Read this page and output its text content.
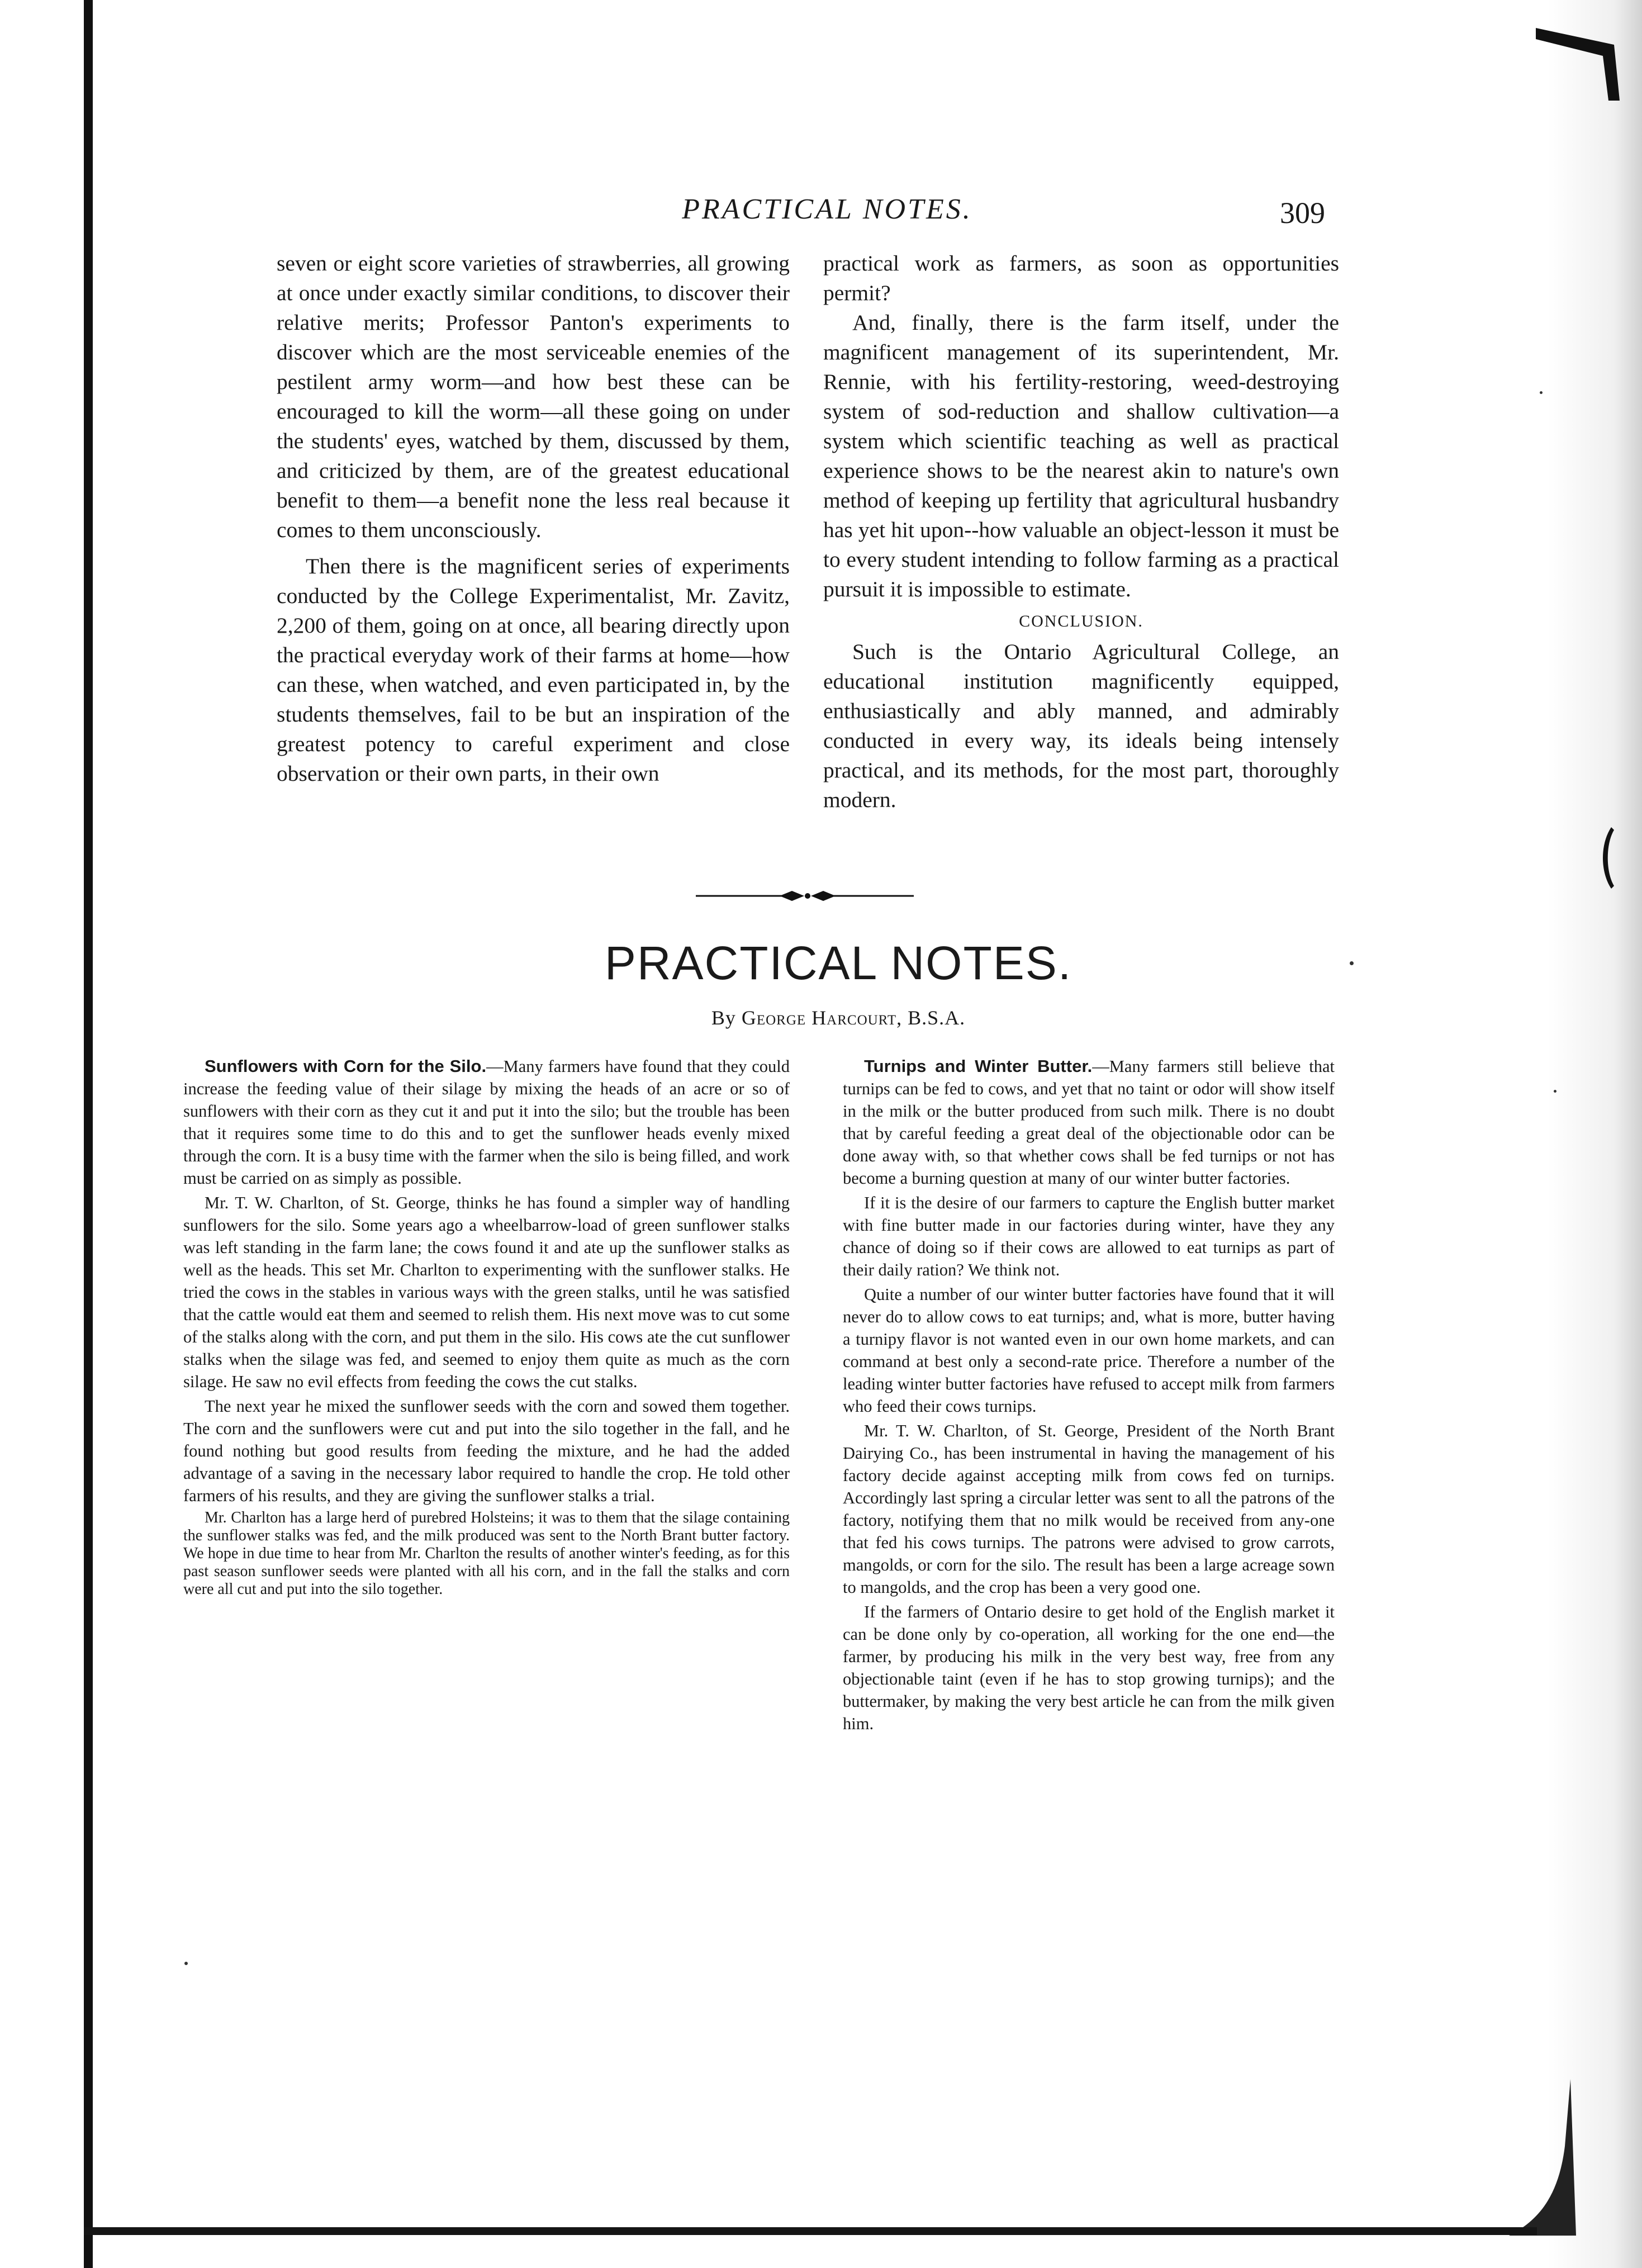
PRACTICAL NOTES.	309

seven or eight score varieties of strawberries, all growing at once under exactly similar conditions, to discover their relative merits; Professor Panton's experiments to discover which are the most serviceable enemies of the pestilent army worm—and how best these can be encouraged to kill the worm—all these going on under the students' eyes, watched by them, discussed by them, and criticized by them, are of the greatest educational benefit to them—a benefit none the less real because it comes to them unconsciously.

Then there is the magnificent series of experiments conducted by the College Experimentalist, Mr. Zavitz, 2,200 of them, going on at once, all bearing directly upon the practical everyday work of their farms at home—how can these, when watched, and even participated in, by the students themselves, fail to be but an inspiration of the greatest potency to careful experiment and close observation or their own parts, in their own

practical work as farmers, as soon as opportunities permit?

And, finally, there is the farm itself, under the magnificent management of its superintendent, Mr. Rennie, with his fertility-restoring, weed-destroying system of sod-reduction and shallow cultivation—a system which scientific teaching as well as practical experience shows to be the nearest akin to nature's own method of keeping up fertility that agricultural husbandry has yet hit upon--how valuable an object-lesson it must be to every student intending to follow farming as a practical pursuit it is impossible to estimate.

CONCLUSION.

Such is the Ontario Agricultural College, an educational institution magnificently equipped, enthusiastically and ably manned, and admirably conducted in every way, its ideals being intensely practical, and its methods, for the most part, thoroughly modern.

PRACTICAL NOTES.
By George Harcourt, B.S.A.

Sunflowers with Corn for the Silo.—Many farmers have found that they could increase the feeding value of their silage by mixing the heads of an acre or so of sunflowers with their corn as they cut it and put it into the silo; but the trouble has been that it requires some time to do this and to get the sunflower heads evenly mixed through the corn. It is a busy time with the farmer when the silo is being filled, and work must be carried on as simply as possible.

Mr. T. W. Charlton, of St. George, thinks he has found a simpler way of handling sunflowers for the silo. Some years ago a wheelbarrow-load of green sunflower stalks was left standing in the farm lane; the cows found it and ate up the sunflower stalks as well as the heads. This set Mr. Charlton to experimenting with the sunflower stalks. He tried the cows in the stables in various ways with the green stalks, until he was satisfied that the cattle would eat them and seemed to relish them. His next move was to cut some of the stalks along with the corn, and put them in the silo. His cows ate the cut sunflower stalks when the silage was fed, and seemed to enjoy them quite as much as the corn silage. He saw no evil effects from feeding the cows the cut stalks.

The next year he mixed the sunflower seeds with the corn and sowed them together. The corn and the sunflowers were cut and put into the silo together in the fall, and he found nothing but good results from feeding the mixture, and he had the added advantage of a saving in the necessary labor required to handle the crop. He told other farmers of his results, and they are giving the sunflower stalks a trial.

Mr. Charlton has a large herd of purebred Holsteins; it was to them that the silage containing the sunflower stalks was fed, and the milk produced was sent to the North Brant butter factory. We hope in due time to hear from Mr. Charlton the results of another winter's feeding, as for this past season sunflower seeds were planted with all his corn, and in the fall the stalks and corn were all cut and put into the silo together.

Turnips and Winter Butter.—Many farmers still believe that turnips can be fed to cows, and yet that no taint or odor will show itself in the milk or the butter produced from such milk. There is no doubt that by careful feeding a great deal of the objectionable odor can be done away with, so that whether cows shall be fed turnips or not has become a burning question at many of our winter butter factories.

If it is the desire of our farmers to capture the English butter market with fine butter made in our factories during winter, have they any chance of doing so if their cows are allowed to eat turnips as part of their daily ration? We think not.

Quite a number of our winter butter factories have found that it will never do to allow cows to eat turnips; and, what is more, butter having a turnipy flavor is not wanted even in our own home markets, and can command at best only a second-rate price. Therefore a number of the leading winter butter factories have refused to accept milk from farmers who feed their cows turnips.

Mr. T. W. Charlton, of St. George, President of the North Brant Dairying Co., has been instrumental in having the management of his factory decide against accepting milk from cows fed on turnips. Accordingly last spring a circular letter was sent to all the patrons of the factory, notifying them that no milk would be received from any-one that fed his cows turnips. The patrons were advised to grow carrots, mangolds, or corn for the silo. The result has been a large acreage sown to mangolds, and the crop has been a very good one.

If the farmers of Ontario desire to get hold of the English market it can be done only by co-operation, all working for the one end—the farmer, by producing his milk in the very best way, free from any objectionable taint (even if he has to stop growing turnips); and the buttermaker, by making the very best article he can from the milk given him.
